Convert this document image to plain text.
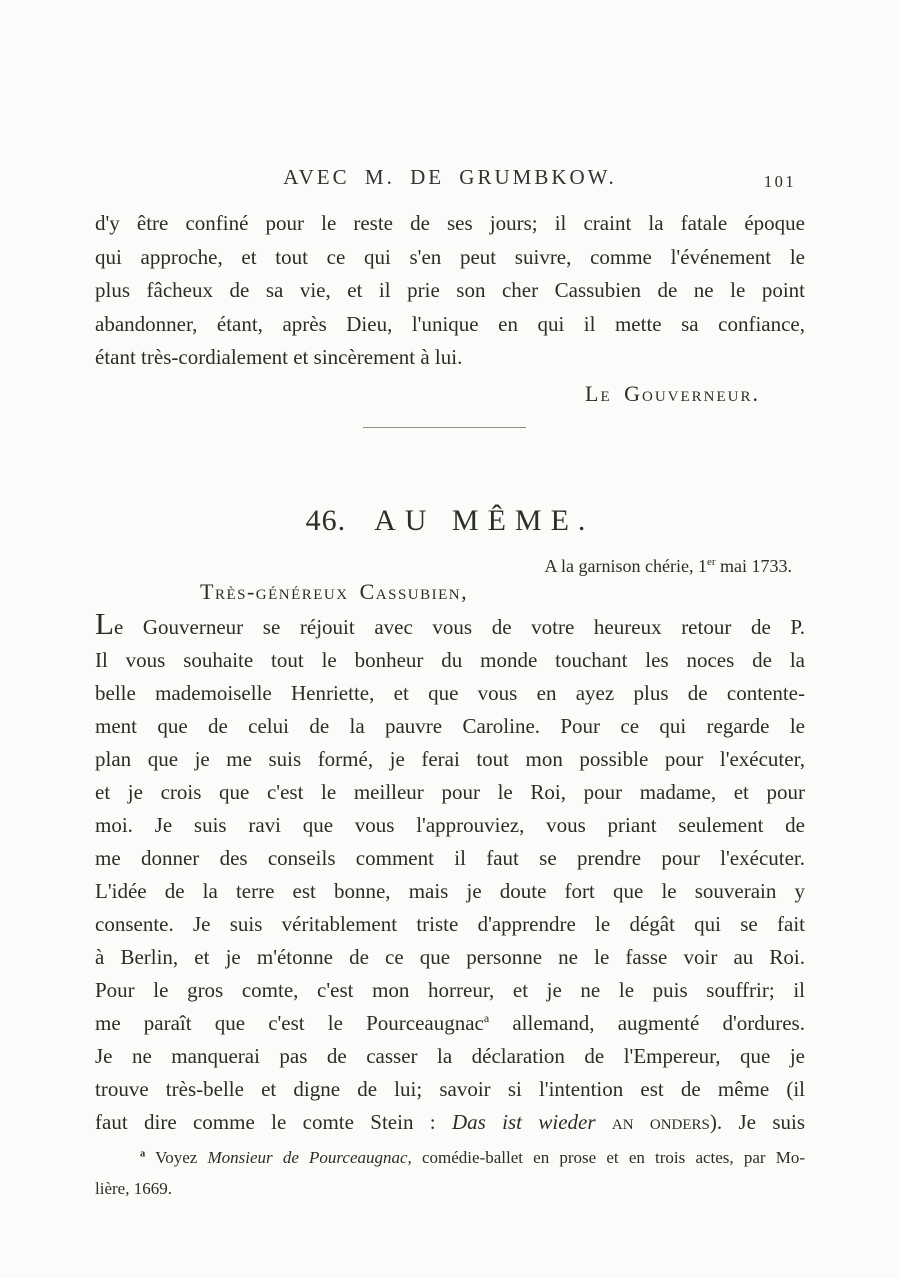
AVEC M. DE GRUMBKOW.	101
d'y être confiné pour le reste de ses jours; il craint la fatale époque
qui approche, et tout ce qui s'en peut suivre, comme l'événement le
plus fâcheux de sa vie, et il prie son cher Cassubien de ne le point
abandonner, étant, après Dieu, l'unique en qui il mette sa confiance,
étant très-cordialement et sincèrement à lui.
Le Gouverneur.
46. AU MÊME.
A la garnison chérie, 1er mai 1733.
Très-généreux Cassubien,
Le Gouverneur se réjouit avec vous de votre heureux retour de P.
Il vous souhaite tout le bonheur du monde touchant les noces de la
belle mademoiselle Henriette, et que vous en ayez plus de contente-
ment que de celui de la pauvre Caroline. Pour ce qui regarde le
plan que je me suis formé, je ferai tout mon possible pour l'exécuter,
et je crois que c'est le meilleur pour le Roi, pour madame, et pour
moi. Je suis ravi que vous l'approuviez, vous priant seulement de
me donner des conseils comment il faut se prendre pour l'exécuter.
L'idée de la terre est bonne, mais je doute fort que le souverain y
consente. Je suis véritablement triste d'apprendre le dégât qui se fait
à Berlin, et je m'étonne de ce que personne ne le fasse voir au Roi.
Pour le gros comte, c'est mon horreur, et je ne le puis souffrir; il
me paraît que c'est le Pourceaugnac$^a$ allemand, augmenté d'ordures.
Je ne manquerai pas de casser la déclaration de l'Empereur, que je
trouve très-belle et digne de lui; savoir si l'intention est de même (il
faut dire comme le comte Stein : Das ist wieder an onders). Je suis
$^a$ Voyez Monsieur de Pourceaugnac, comédie-ballet en prose et en trois actes, par Mo-
lière, 1669.
